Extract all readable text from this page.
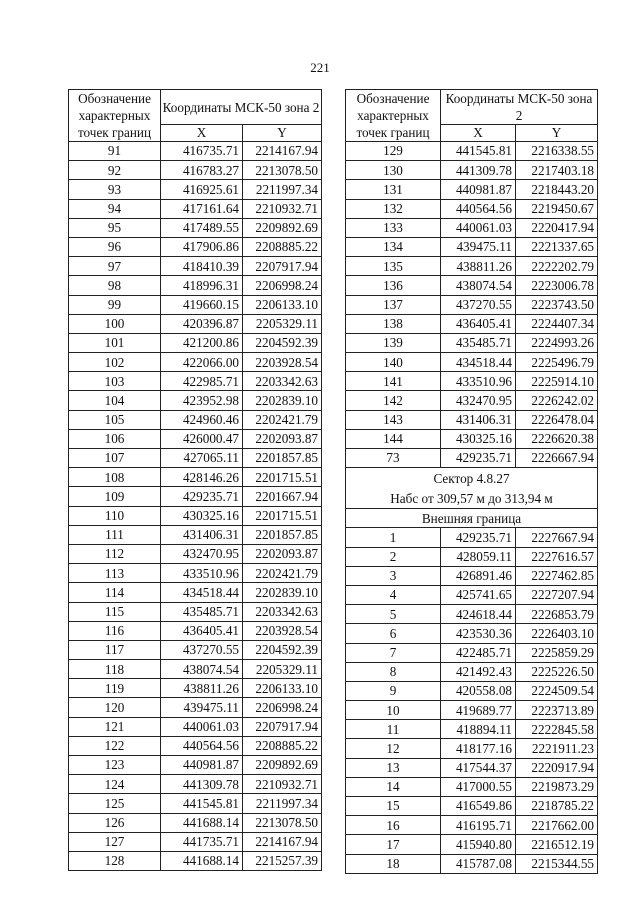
221
Обозначение характерных точек границ	Координаты МСК-50 зона 2	
	X	Y
91	416735.71	2214167.94
92	416783.27	2213078.50
93	416925.61	2211997.34
94	417161.64	2210932.71
95	417489.55	2209892.69
96	417906.86	2208885.22
97	418410.39	2207917.94
98	418996.31	2206998.24
99	419660.15	2206133.10
100	420396.87	2205329.11
101	421200.86	2204592.39
102	422066.00	2203928.54
103	422985.71	2203342.63
104	423952.98	2202839.10
105	424960.46	2202421.79
106	426000.47	2202093.87
107	427065.11	2201857.85
108	428146.26	2201715.51
109	429235.71	2201667.94
110	430325.16	2201715.51
111	431406.31	2201857.85
112	432470.95	2202093.87
113	433510.96	2202421.79
114	434518.44	2202839.10
115	435485.71	2203342.63
116	436405.41	2203928.54
117	437270.55	2204592.39
118	438074.54	2205329.11
119	438811.26	2206133.10
120	439475.11	2206998.24
121	440061.03	2207917.94
122	440564.56	2208885.22
123	440981.87	2209892.69
124	441309.78	2210932.71
125	441545.81	2211997.34
126	441688.14	2213078.50
127	441735.71	2214167.94
128	441688.14	2215257.39
Обозначение характерных точек границ	Координаты МСК-50 зона 2	
	X	Y
129	441545.81	2216338.55
130	441309.78	2217403.18
131	440981.87	2218443.20
132	440564.56	2219450.67
133	440061.03	2220417.94
134	439475.11	2221337.65
135	438811.26	2222202.79
136	438074.54	2223006.78
137	437270.55	2223743.50
138	436405.41	2224407.34
139	435485.71	2224993.26
140	434518.44	2225496.79
141	433510.96	2225914.10
142	432470.95	2226242.02
143	431406.31	2226478.04
144	430325.16	2226620.38
73	429235.71	2226667.94
Сектор 4.8.27		
Набс от 309,57 м до 313,94 м		
Внешняя граница		
1	429235.71	2227667.94
2	428059.11	2227616.57
3	426891.46	2227462.85
4	425741.65	2227207.94
5	424618.44	2226853.79
6	423530.36	2226403.10
7	422485.71	2225859.29
8	421492.43	2225226.50
9	420558.08	2224509.54
10	419689.77	2223713.89
11	418894.11	2222845.58
12	418177.16	2221911.23
13	417544.37	2220917.94
14	417000.55	2219873.29
15	416549.86	2218785.22
16	416195.71	2217662.00
17	415940.80	2216512.19
18	415787.08	2215344.55
